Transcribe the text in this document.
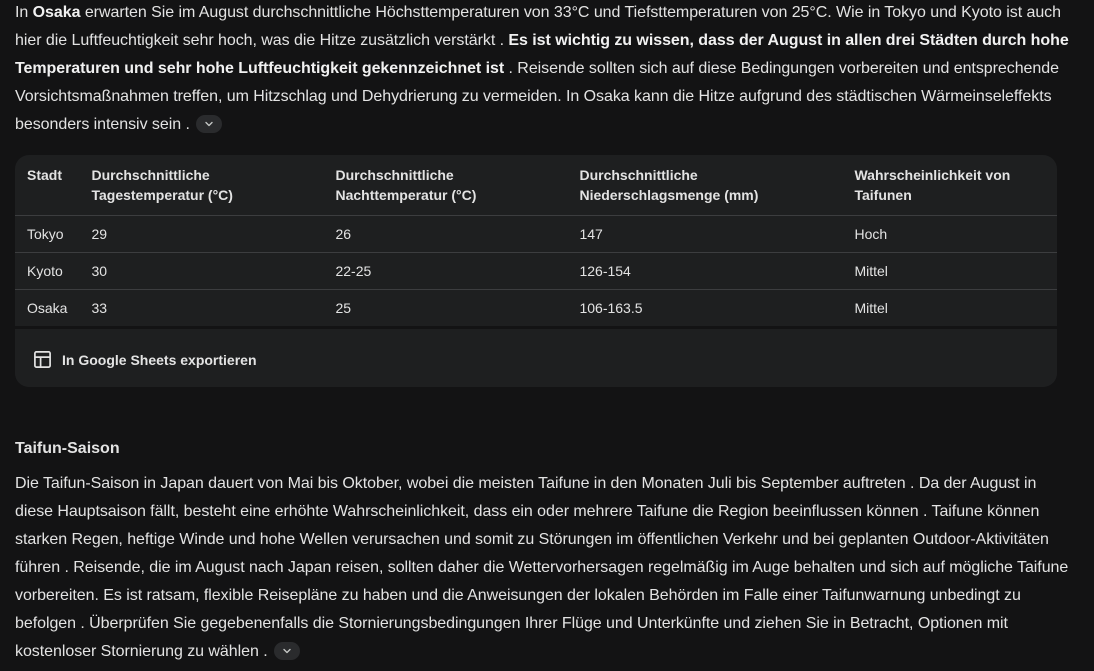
In Osaka erwarten Sie im August durchschnittliche Höchsttemperaturen von 33°C und Tiefsttemperaturen von 25°C. Wie in Tokyo und Kyoto ist auch hier die Luftfeuchtigkeit sehr hoch, was die Hitze zusätzlich verstärkt . Es ist wichtig zu wissen, dass der August in allen drei Städten durch hohe Temperaturen und sehr hohe Luftfeuchtigkeit gekennzeichnet ist . Reisende sollten sich auf diese Bedingungen vorbereiten und entsprechende Vorsichtsmaßnahmen treffen, um Hitzschlag und Dehydrierung zu vermeiden. In Osaka kann die Hitze aufgrund des städtischen Wärmeinseleffekts besonders intensiv sein .

Stadt	Durchschnittliche Tagestemperatur (°C)	Durchschnittliche Nachttemperatur (°C)	Durchschnittliche Niederschlagsmenge (mm)	Wahrscheinlichkeit von Taifunen
Tokyo	29	26	147	Hoch
Kyoto	30	22-25	126-154	Mittel
Osaka	33	25	106-163.5	Mittel
In Google Sheets exportieren
Taifun-Saison

Die Taifun-Saison in Japan dauert von Mai bis Oktober, wobei die meisten Taifune in den Monaten Juli bis September auftreten . Da der August in diese Hauptsaison fällt, besteht eine erhöhte Wahrscheinlichkeit, dass ein oder mehrere Taifune die Region beeinflussen können . Taifune können starken Regen, heftige Winde und hohe Wellen verursachen und somit zu Störungen im öffentlichen Verkehr und bei geplanten Outdoor-Aktivitäten führen . Reisende, die im August nach Japan reisen, sollten daher die Wettervorhersagen regelmäßig im Auge behalten und sich auf mögliche Taifune vorbereiten. Es ist ratsam, flexible Reisepläne zu haben und die Anweisungen der lokalen Behörden im Falle einer Taifunwarnung unbedingt zu befolgen . Überprüfen Sie gegebenenfalls die Stornierungsbedingungen Ihrer Flüge und Unterkünfte und ziehen Sie in Betracht, Optionen mit kostenloser Stornierung zu wählen .
